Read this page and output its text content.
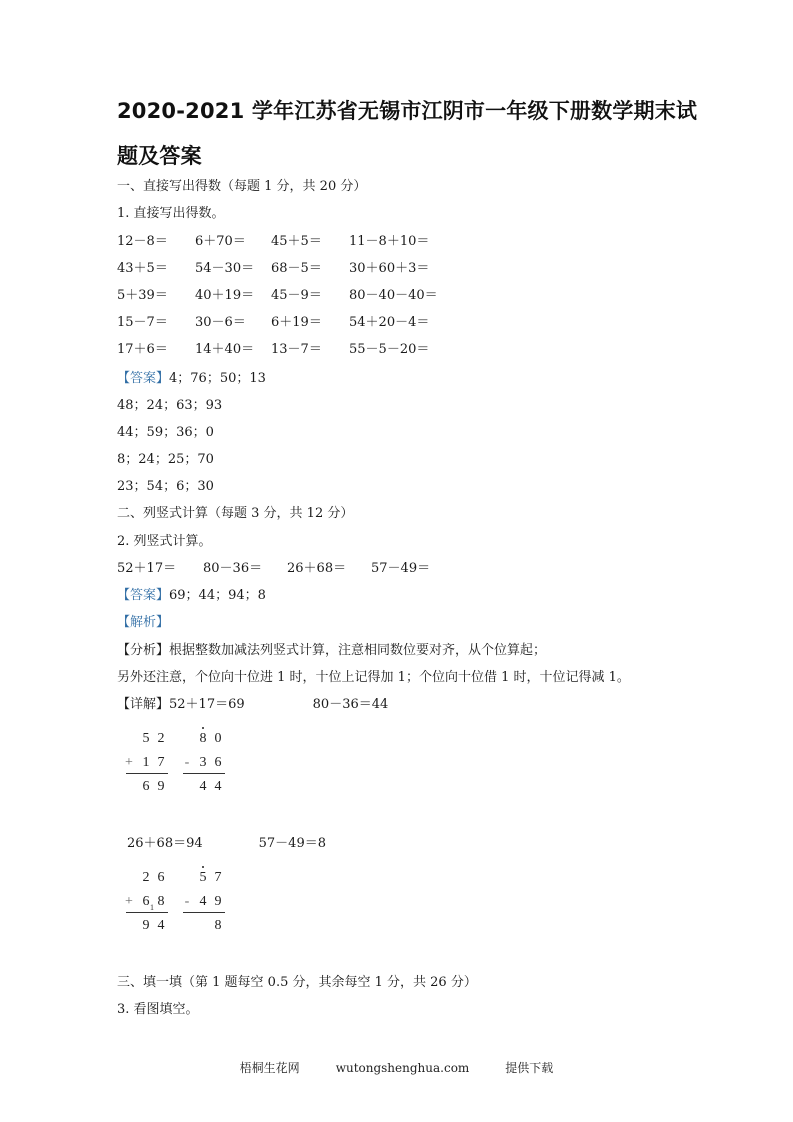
2020-2021 学年江苏省无锡市江阴市一年级下册数学期末试
题及答案
一、直接写出得数（每题 1 分，共 20 分）
1. 直接写出得数。
12－8＝ 6＋70＝ 45＋5＝ 11－8＋10＝
43＋5＝ 54－30＝ 68－5＝ 30＋60＋3＝
5＋39＝ 40＋19＝ 45－9＝ 80－40－40＝
15－7＝ 30－6＝ 6＋19＝ 54＋20－4＝
17＋6＝ 14＋40＝ 13－7＝ 55－5－20＝
【答案】4；76；50；13
48；24；63；93
44；59；36；0
8；24；25；70
23；54；6；30
二、列竖式计算（每题 3 分，共 12 分）
2. 列竖式计算。
52＋17＝ 80－36＝ 26＋68＝ 57－49＝
【答案】69；44；94；8
【解析】
【分析】根据整数加减法列竖式计算，注意相同数位要对齐，从个位算起；
另外还注意，个位向十位进 1 时，十位上记得加 1；个位向十位借 1 时，十位记得减 1。
【详解】52＋17＝69	80－36＝44
5 2
+ 1 7
6 9
8 0
- 3 6
4 4
26＋68＝94	57－49＝8
2 6
+ 6 1 8
9 4
5 7
- 4 9
8
三、填一填（第 1 题每空 0.5 分，其余每空 1 分，共 26 分）
3. 看图填空。
梧桐生花网	wutongshenghua.com	提供下载
